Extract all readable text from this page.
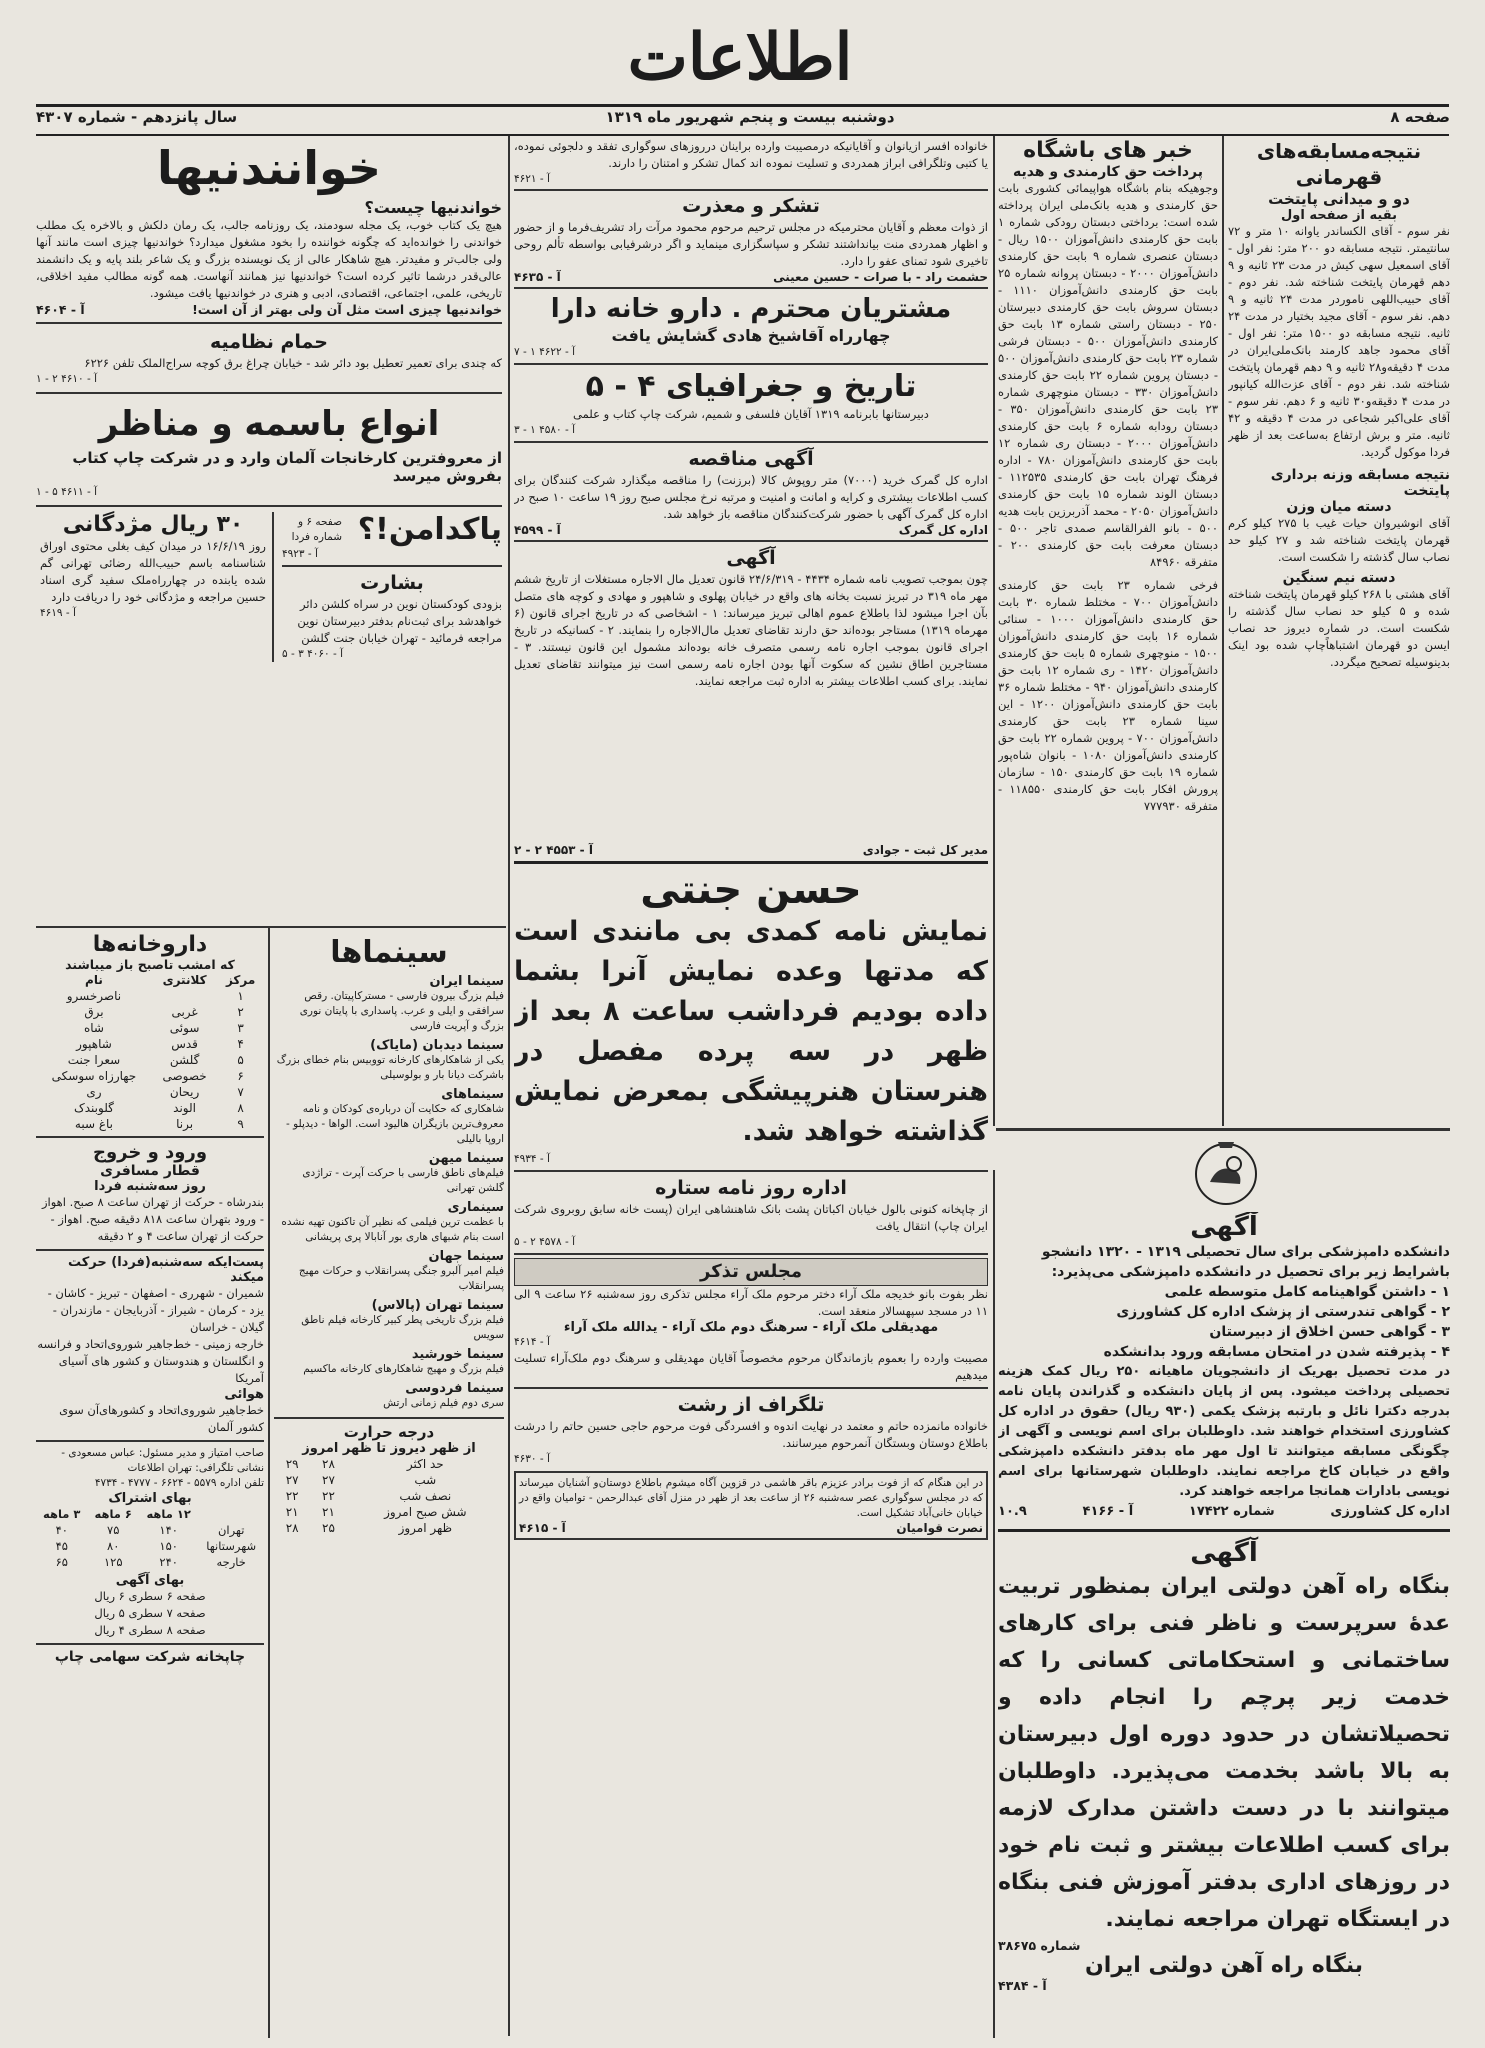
اطلاعات
صفحه ۸
دوشنبه بیست و پنجم شهریور ماه ۱۳۱۹
سال پانزدهم - شماره ۴۳۰۷
نتیجه‌مسابقه‌های قهرمانی
دو و میدانی پایتخت
بقیه از صفحه اول
نفر سوم - آقای الکساندر یاوانه ۱۰ متر و ۷۲ سانتیمتر. نتیجه مسابقه دو ۲۰۰ متر: نفر اول - آقای اسمعیل سهی کیش در مدت ۲۳ ثانیه و ۹ دهم قهرمان پایتخت شناخته شد. نفر دوم - آقای حبیب‌اللهی ناموردر مدت ۲۴ ثانیه و ۹ دهم. نفر سوم - آقای مجید بختیار در مدت ۲۴ ثانیه. نتیجه مسابقه دو ۱۵۰۰ متر: نفر اول - آقای محمود جاهد کارمند بانک‌ملی‌ایران در مدت ۴ دقیقه‌و۲۸ ثانیه و ۹ دهم قهرمان پایتخت شناخته شد. نفر دوم - آقای عزت‌الله کیانپور در مدت ۴ دقیقه‌و۳۰ ثانیه و ۶ دهم. نفر سوم - آقای علی‌اکبر شجاعی در مدت ۴ دقیقه و ۴۲ ثانیه. متر و برش ارتفاع به‌ساعت بعد از ظهر فردا موکول گردید.
نتیجه مسابقه وزنه برداری پایتخت
دسته میان وزن
آقای انوشیروان حیات غیب با ۲۷۵ کیلو کرم قهرمان پایتخت شناخته شد و ۲۷ کیلو حد نصاب سال گذشته را شکست است.
دسته نیم سنگین
آقای هشتی با ۲۶۸ کیلو قهرمان پایتخت شناخته شده و ۵ کیلو حد نصاب سال گذشته را شکست است. در شماره دیروز حد نصاب ایسن دو قهرمان اشتباهاً‌چاپ شده بود اینک بدینوسیله تصحیح میگردد.
خبر های باشگاه
پرداخت حق کارمندی و هدیه
وجوهیکه بنام باشگاه هواپیمائی کشوری بابت حق کارمندی و هدیه بانک‌ملی ایران پرداخته شده است: برداختی دبستان رودکی شماره ۱ بابت حق کارمندی دانش‌آموزان ۱۵۰۰ ریال - دبستان عنصری شماره ۹ بابت حق کارمندی دانش‌آموزان ۲۰۰۰ - دبستان پروانه شماره ۲۵ بابت حق کارمندی دانش‌آموزان ۱۱۱۰ - دبستان سروش بابت حق کارمندی دبیرستان ۲۵۰ - دبستان راستی شماره ۱۳ بابت حق کارمندی دانش‌آموزان ۵۰۰ - دبستان فرشی شماره ۲۳ بابت حق کارمندی دانش‌آموزان ۵۰۰ - دبستان پروین شماره ۲۲ بابت حق کارمندی دانش‌آموزان ۳۳۰ - دبستان منوچهری شماره ۲۳ بابت حق کارمندی دانش‌آموزان ۳۵۰ - دبستان رودابه شماره ۶ بابت حق کارمندی دانش‌آموزان ۲۰۰۰ - دبستان ری شماره ۱۲ بابت حق کارمندی دانش‌آموزان ۷۸۰ - اداره فرهنگ تهران بابت حق کارمندی ۱۱۲۵۳۵ - دبستان الوند شماره ۱۵ بابت حق کارمندی دانش‌آموزان ۲۰۵۰ - محمد آذربرزین بابت هدیه ۵۰۰ - بانو الفرالقاسم صمدی تاجر ۵۰۰ - دبستان معرفت بابت حق کارمندی ۲۰۰ - متفرقه ۸۴۹۶۰
فرخی شماره ۲۳ بابت حق کارمندی دانش‌آموزان ۷۰۰ - مختلط شماره ۳۰ بابت حق کارمندی دانش‌آموزان ۱۰۰۰ - سنائی شماره ۱۶ بابت حق کارمندی دانش‌آموزان ۱۵۰۰ - منوچهری شماره ۵ بابت حق کارمندی دانش‌آموزان ۱۴۲۰ - ری شماره ۱۲ بابت حق کارمندی دانش‌آموزان ۹۴۰ - مختلط شماره ۳۶ بابت حق کارمندی دانش‌آموزان ۱۲۰۰ - این سینا شماره ۲۳ بابت حق کارمندی دانش‌آموزان ۷۰۰ - پروین شماره ۲۲ بابت حق کارمندی دانش‌آموزان ۱۰۸۰ - بانوان شاه‌پور شماره ۱۹ بابت حق کارمندی ۱۵۰ - سازمان پرورش افکار بابت حق کارمندی ۱۱۸۵۵۰ - متفرقه ۷۷۷۹۳۰
خانواده افسر ازیانوان و آقایانیکه درمصیبت وارده براینان درروزهای سوگواری تفقد و دلجوئی نموده، یا کتبی وتلگرافی ابراز همدردی و تسلیت نموده اند کمال تشکر و امتنان را دارند.
آ - ۴۶۲۱
تشکر و معذرت
از ذوات معظم و آقایان محترمیکه در مجلس ترحیم مرحوم محمود مرآت راد تشریف‌فرما و از حضور و اظهار همدردی منت بیانداشتند تشکر و سپاسگزاری مینماید و اگر درشرفیابی بواسطه تألم روحی تاخیری شود تمنای عفو را دارد.
حشمت راد - با صرات - حسین معینی
آ - ۴۶۳۵
مشتریان محترم . دارو خانه دارا
چهارراه آقاشیخ هادی گشایش یافت
آ - ۴۶۲۲ ۱ - ۷
تاریخ و جغرافیای ۴ - ۵
دبیرستانها بابرنامه ۱۳۱۹ آقایان فلسفی و شمیم، شرکت چاپ کتاب و علمی
آ - ۴۵۸۰ ۱ - ۳
آگهی مناقصه
اداره کل گمرک‌ خرید (۷۰۰۰) متر روپوش کالا (برزنت) را مناقصه میگذارد شرکت کنندگان برای کسب اطلاعات بیشتری و کرایه و امانت و امنیت و مرتبه نرخ مجلس صبح روز ۱۹ ساعت ۱۰ صبح در اداره کل‌ گمرک آگهی با حضور شرکت‌کنندگان مناقصه باز خواهد شد.
اداره کل گمرک
آ - ۴۵۹۹
آگهی
چون بموجب تصویب نامه شماره ۴۴۳۴ - ۲۴/۶/۳۱۹ قانون تعدیل مال الاجاره مستغلات از تاریخ ششم مهر ماه ۳۱۹ در تبریز نسبت بخانه های واقع در خیابان پهلوی و شاهپور و مهادی و کوچه های متصل بآن اجرا میشود لذا باطلاع عموم اهالی تبریز میرساند: ۱ - اشخاصی که در تاریخ اجرای قانون (۶ مهرماه ۱۳۱۹) مستاجر بوده‌اند حق دارند تقاضای تعدیل مال‌الاجاره را بنمایند. ۲ - کسانیکه در تاریخ اجرای قانون بموجب اجاره نامه رسمی متصرف خانه بوده‌اند مشمول این قانون نیستند. ۳ - مستاجرین اطاق نشین که سکوت آنها بودن اجاره نامه رسمی است نیز میتوانند تقاضای تعدیل نمایند. برای کسب اطلاعات بیشتر به اداره ثبت مراجعه نمایند.
مدیر کل ثبت - جوادی
آ - ۴۵۵۳ ۲ - ۲
حسن جنتی
نمایش نامه کمدی بی مانندی است که مدتها وعده نمایش آنرا بشما داده بودیم فرداشب ساعت ۸ بعد از ظهر در سه پرده مفصل در هنرستان هنرپیشگی بمعرض نمایش گذاشته خواهد شد.
آ - ۴۹۳۴
اداره روز نامه ستاره
از چاپخانه کنونی بالول خیابان اکباتان پشت بانک شاهنشاهی ایران (پست خانه سابق روبروی شرکت ایران چاپ) انتقال یافت
آ - ۴۵۷۸ ۲ - ۵
مجلس تذکر
نظر بفوت بانو خدیجه ملک آراء دختر مرحوم ملک آراء مجلس تذکری روز سه‌شنبه ۲۶ ساعت ۹ الی ۱۱ در مسجد سپهسالار منعقد است.
مهدیقلی ملک آراء - سرهنگ دوم ملک آراء - یدالله ملک آراء
آ - ۴۶۱۴
مصیبت وارده را بعموم بازماندگان مرحوم مخصوصاً آقایان مهدیقلی و سرهنگ دوم ملک‌آراء تسلیت میدهیم
تلگراف از رشت
خانواده مانمزده حاتم و معتمد در نهایت اندوه و افسردگی فوت مرحوم حاجی حسین حاتم را درشت باطلاع دوستان وبستگان آنمرحوم میرسانند.
آ - ۴۶۳۰
در این هنگام که از فوت برادر عزیزم باقر هاشمی در قزوین آگاه میشوم باطلاع دوستان‌و آشنایان میرساند که در مجلس سوگواری عصر سه‌شنبه ۲۶ از ساعت بعد از ظهر در منزل آقای عبدالرحمن - توامیان واقع در خیابان خانی‌آباد تشکیل است.
نصرت قوامیان
آ - ۴۶۱۵
خوانندنیها
خواندنیها چیست؟
هیچ یک کتاب خوب، یک مجله سودمند، یک روزنامه جالب، یک رمان دلکش و بالاخره یک مطلب خواندنی را خوانده‌اید که چگونه خواننده را بخود مشغول میدارد؟ خواندنیها چیزی است مانند آنها ولی جالب‌تر و مفیدتر. هیچ شاهکار عالی از یک نویسنده بزرگ و یک شاعر بلند پایه و یک دانشمند عالی‌قدر درشما تاثیر کرده است؟ خواندنیها نیز همانند آنهاست. همه گونه مطالب مفید اخلاقی، تاریخی، علمی، اجتماعی، اقتصادی، ادبی و هنری در خواندنیها یافت میشود.
خواندنیها چیزی است مثل آن ولی بهتر از آن است!
آ - ۴۶۰۴
حمام نظامیه
که چندی برای تعمیر تعطیل بود دائر شد - خیابان چراغ برق کوچه سراج‌الملک تلفن ۶۲۲۶
آ - ۴۶۱۰ ۲ - ۱
انواع باسمه و مناظر
از معروفترین کارخانجات آلمان وارد و در شرکت چاپ کتاب بفروش میرسد
آ - ۴۶۱۱ ۵ - ۱
پاکدامن!؟
صفحه ۶ و شماره فردا
آ - ۴۹۲۳
بشارت
بزودی کودکستان نوین در سراه کلشن دائر خواهدشد برای ثبت‌نام بدفتر دبیرستان نوین مراجعه فرمائید - تهران خیابان جنت گلشن
آ - ۴۰۶۰ ۳ - ۵
۳۰ ریال مژدگانی
روز ۱۶/۶/۱۹ در میدان کیف بغلی محتوی اوراق شناسنامه باسم حبیب‌الله رضائی تهرانی گم شده یابنده در چهارراه‌ملک سفید گری اسناد حسین مراجعه و مژدگانی خود را دریافت دارد
آ - ۴۶۱۹
سینماها
سینما ایران
فیلم بزرگ بیرون فارسی - مسترکاپیتان. رقص سرافقی و ایلی و عرب. پاسداری با پایتان نوری بزرگ و آپریت فارسی
سینما دیدبان (مایاک)
یکی از شاهکارهای کارخانه تووبیس بنام خطای بزرگ باشرکت دیانا بار و بولوسیلی
سینماهای
شاهکاری که حکایت آن درباره‌ی کودکان و نامه معروف‌ترین بازیگران هالیود است. الواها - دیدپلو - اروپا بالیلی
سینما میهن
فیلم‌های ناطق فارسی با حرکت آپرت - تراژدی گلشن تهرانی
سینماری
با عظمت ترین فیلمی که نظیر آن تاکنون تهیه نشده است بنام شبهای هاری بور آنابالا پری پریشانی
سینما جهان
فیلم‌ امیر آلبرو جنگی پسرانقلاب و حرکات مهیج پسرانقلاب
سینما تهران (پالاس)
فیلم بزرگ تاریخی پطر کبیر کارخانه فیلم ناطق سویس
سینما خورشید
فیلم بزرگ و مهیج شاهکارهای کارخانه ماکسیم
سینما فردوسی
سری دوم فیلم زمانی ارتش
درجه حرارت
از ظهر دیروز تا ظهر امروز
حد اکثر	۲۸	۲۹
شب	۲۷	۲۷
نصف شب	۲۲	۲۲
شش صبح امروز	۲۱	۲۱
ظهر امروز	۲۵	۲۸
داروخانه‌ها
که امشب تاصبح باز میباشند
مرکز	کلانتری	نام
۱		ناصرخسرو
۲	غربی	برق
۳	سوئی	شاه
۴	قدس	شاهپور
۵	گلشن	سعرا جنت
۶	خصوصی	جهارزاه سوسکی
۷	ریحان	ری
۸	الوند	گلوبندک
۹	برنا	باغ سبه
ورود و خروج
قطار مسافری
روز سه‌شنبه فردا
بندرشاه - حرکت از تهران ساعت ۸ صبح. اهواز - ورود بتهران ساعت ۸۱۸ دقیقه صبح. اهواز - حرکت از تهران ساعت ۴ و ۲ دقیقه
پست‌ایکه سه‌شنبه(فردا) حرکت میکند
شمیران - شهرری - اصفهان - تبریز - کاشان - یزد - کرمان - شیراز - آذربایجان - مازندران - گیلان - خراسان
خارجه زمینی - خط‌جاهیر شوروی‌اتحاد و فرانسه و انگلستان و هندوستان و کشور های آسیای آمریکا
هوائی
خط‌جاهیر شوروی‌اتحاد و کشورهای‌آن سوی کشور آلمان
صاحب امتیاز و مدیر مسئول: عباس مسعودی - نشانی تلگرافی: تهران اطلاعات
تلفن اداره ۵۵۷۹ - ۶۶۲۴ - ۴۷۷۷ - ۴۷۳۴
بهای اشتراک
	۱۲ ماهه	۶ ماهه	۳ ماهه
تهران	۱۴۰	۷۵	۴۰
شهرستانها	۱۵۰	۸۰	۴۵
خارجه	۲۴۰	۱۲۵	۶۵
بهای آگهی
صفحه ۶ سطری ۶ ریال
صفحه ۷ سطری ۵ ریال
صفحه ۸ سطری ۴ ریال
چاپخانه شرکت سهامی چاپ
آگهی
دانشکده دامپزشکی برای سال تحصیلی ۱۳۱۹ - ۱۳۲۰ دانشجو باشرایط زیر برای تحصیل در دانشکده دامپزشکی می‌پذیرد:
۱ - داشتن گواهینامه کامل متوسطه علمی
۲ - گواهی تندرستی از پزشک اداره کل کشاورزی
۳ - گواهی حسن اخلاق از دبیرستان
۴ - پذیرفته شدن در امتحان مسابقه ورود بدانشکده
در مدت تحصیل بهریک از دانشجویان ماهیانه ۲۵۰ ریال کمک هزینه تحصیلی پرداخت میشود. پس از پایان دانشکده و گذراندن پایان نامه بدرجه دکترا نائل و بارتبه پزشک یکمی (۹۳۰ ریال) حقوق در اداره کل کشاورزی استخدام خواهند شد. داوطلبان برای اسم نویسی و آگهی از چگونگی مسابقه میتوانند تا اول مهر ماه بدفتر دانشکده دامپزشکی واقع در خیابان کاخ مراجعه نمایند. داوطلبان شهرستانها برای اسم نویسی بادارات همانجا مراجعه خواهند کرد.
اداره کل کشاورزی
شماره ۱۷۴۲۲
آ - ۴۱۶۶
۱۰.۹
آگهی
بنگاه راه آهن دولتی ایران بمنظور تربیت عدهٔ سرپرست و ناظر فنی برای کارهای ساختمانی و استحکاماتی کسانی را که خدمت زیر پرچم را انجام داده و تحصیلاتشان در حدود دوره اول دبیرستان به بالا باشد بخدمت می‌پذیرد. داوطلبان میتوانند با در دست داشتن مدارک لازمه برای کسب اطلاعات بیشتر و ثبت نام خود در روزهای اداری بدفتر آموزش فنی بنگاه در ایستگاه تهران مراجعه نمایند.
شماره ۳۸۶۷۵
بنگاه راه آهن دولتی ایران
آ - ۴۳۸۴
